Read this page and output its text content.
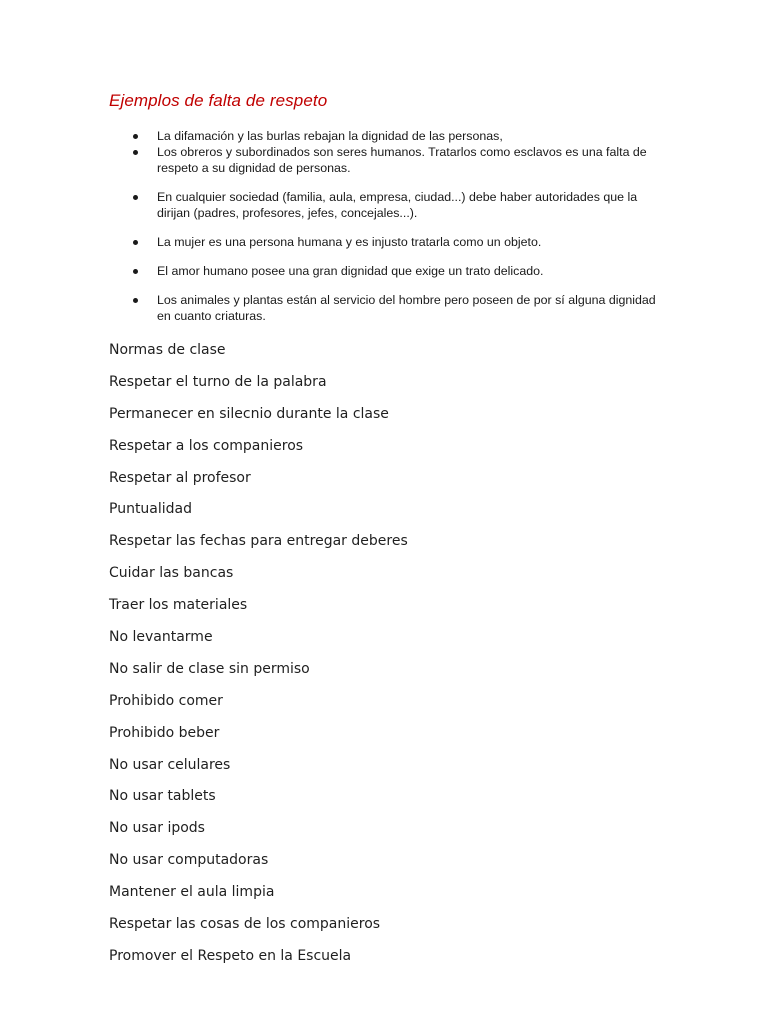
Ejemplos de falta de respeto
La difamación y las burlas rebajan la dignidad de las personas,
Los obreros y subordinados son seres humanos. Tratarlos como esclavos es una falta de respeto a su dignidad de personas.
En cualquier sociedad (familia, aula, empresa, ciudad...) debe haber autoridades que la dirijan (padres, profesores, jefes, concejales...).
La mujer es una persona humana y es injusto tratarla como un objeto.
El amor humano posee una gran dignidad que exige un trato delicado.
Los animales y plantas están al servicio del hombre pero poseen de por sí alguna dignidad en cuanto criaturas.
Normas de clase
Respetar el turno de la palabra
Permanecer en silecnio durante la clase
Respetar a los companieros
Respetar al profesor
Puntualidad
Respetar las fechas para entregar deberes
Cuidar las bancas
Traer los materiales
No levantarme
No salir de clase sin permiso
Prohibido comer
Prohibido beber
No usar celulares
No usar tablets
No usar ipods
No usar computadoras
Mantener el aula limpia
Respetar las cosas de los companieros
Promover el Respeto en la Escuela
